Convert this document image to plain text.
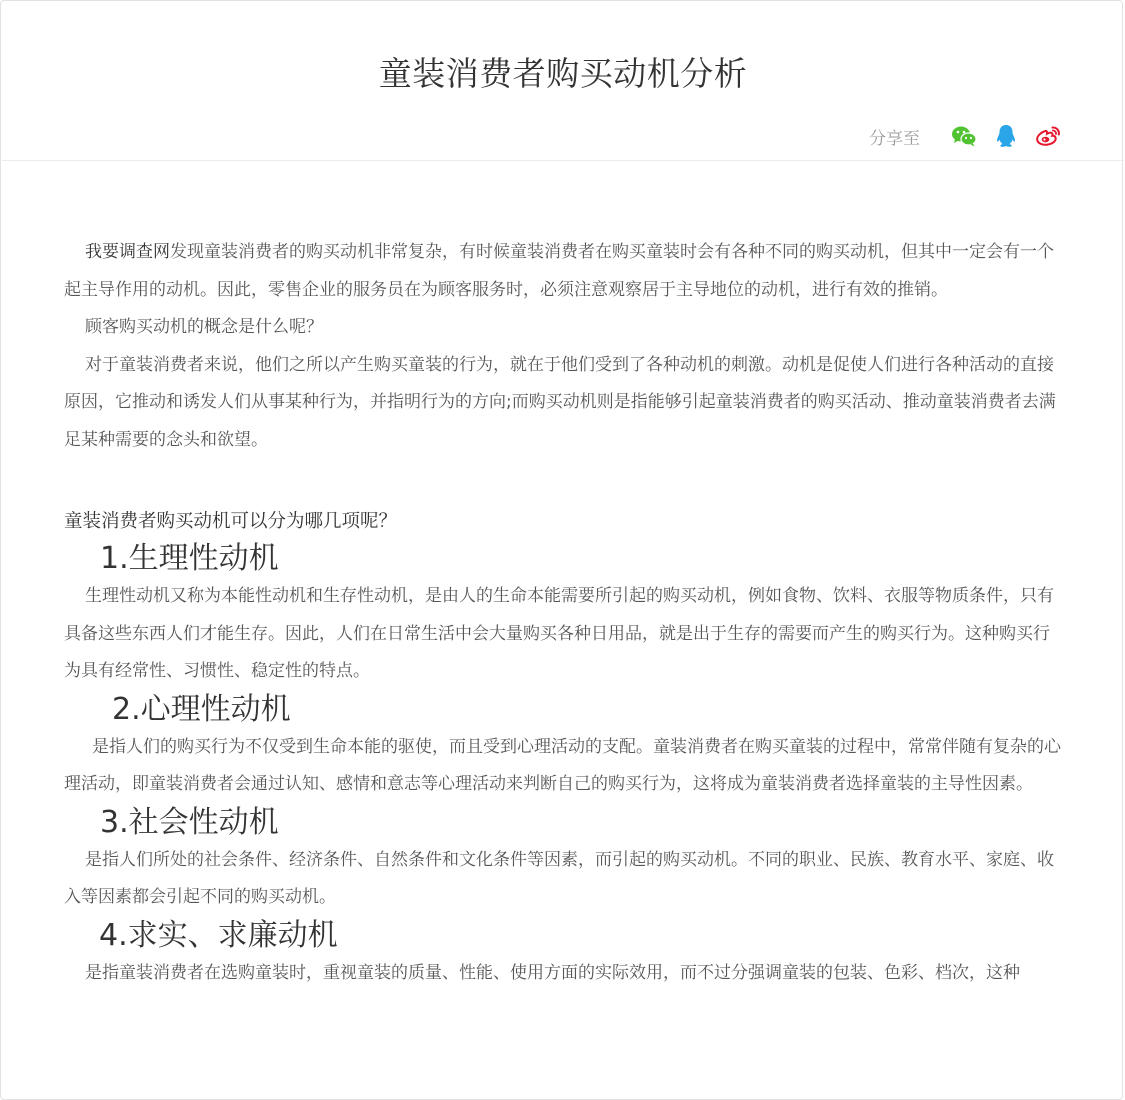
童装消费者购买动机分析
分享至

我要调查网发现童装消费者的购买动机非常复杂，有时候童装消费者在购买童装时会有各种不同的购买动机，但其中一定会有一个起主导作用的动机。因此，零售企业的服务员在为顾客服务时，必须注意观察居于主导地位的动机，进行有效的推销。

顾客购买动机的概念是什么呢？

对于童装消费者来说，他们之所以产生购买童装的行为，就在于他们受到了各种动机的刺激。动机是促使人们进行各种活动的直接原因，它推动和诱发人们从事某种行为，并指明行为的方向;而购买动机则是指能够引起童装消费者的购买活动、推动童装消费者去满足某种需要的念头和欲望。

童装消费者购买动机可以分为哪几项呢？

1.生理性动机

生理性动机又称为本能性动机和生存性动机，是由人的生命本能需要所引起的购买动机，例如食物、饮料、衣服等物质条件，只有具备这些东西人们才能生存。因此，人们在日常生活中会大量购买各种日用品，就是出于生存的需要而产生的购买行为。这种购买行为具有经常性、习惯性、稳定性的特点。

2.心理性动机

是指人们的购买行为不仅受到生命本能的驱使，而且受到心理活动的支配。童装消费者在购买童装的过程中，常常伴随有复杂的心理活动，即童装消费者会通过认知、感情和意志等心理活动来判断自己的购买行为，这将成为童装消费者选择童装的主导性因素。

3.社会性动机

是指人们所处的社会条件、经济条件、自然条件和文化条件等因素，而引起的购买动机。不同的职业、民族、教育水平、家庭、收入等因素都会引起不同的购买动机。

4.求实、求廉动机

是指童装消费者在选购童装时，重视童装的质量、性能、使用方面的实际效用，而不过分强调童装的包装、色彩、档次，这种
